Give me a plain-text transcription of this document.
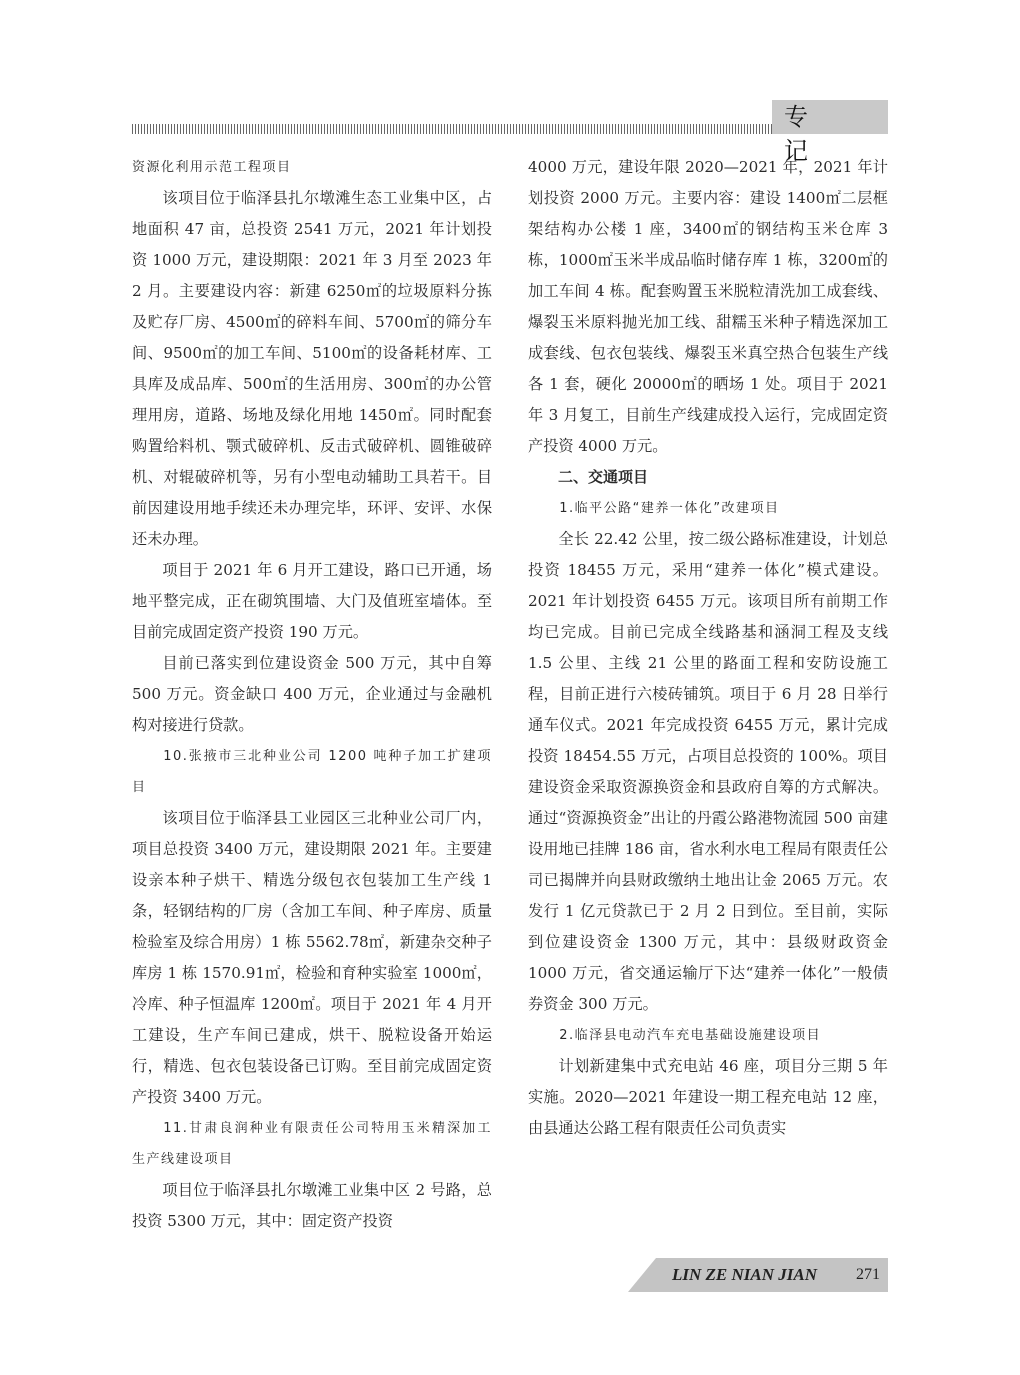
专 记

资源化利用示范工程项目

该项目位于临泽县扎尔墩滩生态工业集中区，占地面积 47 亩，总投资 2541 万元，2021 年计划投资 1000 万元，建设期限：2021 年 3 月至 2023 年 2 月。主要建设内容：新建 6250㎡的垃圾原料分拣及贮存厂房、4500㎡的碎料车间、5700㎡的筛分车间、9500㎡的加工车间、5100㎡的设备耗材库、工具库及成品库、500㎡的生活用房、300㎡的办公管理用房，道路、场地及绿化用地 1450㎡。同时配套购置给料机、颚式破碎机、反击式破碎机、圆锥破碎机、对辊破碎机等，另有小型电动辅助工具若干。目前因建设用地手续还未办理完毕，环评、安评、水保还未办理。

项目于 2021 年 6 月开工建设，路口已开通，场地平整完成，正在砌筑围墙、大门及值班室墙体。至目前完成固定资产投资 190 万元。

目前已落实到位建设资金 500 万元，其中自筹 500 万元。资金缺口 400 万元，企业通过与金融机构对接进行贷款。

10.张掖市三北种业公司 1200 吨种子加工扩建项目

该项目位于临泽县工业园区三北种业公司厂内，项目总投资 3400 万元，建设期限 2021 年。主要建设亲本种子烘干、精选分级包衣包装加工生产线 1 条，轻钢结构的厂房（含加工车间、种子库房、质量检验室及综合用房）1 栋 5562.78㎡，新建杂交种子库房 1 栋 1570.91㎡，检验和育种实验室 1000㎡，冷库、种子恒温库 1200㎡。项目于 2021 年 4 月开工建设，生产车间已建成，烘干、脱粒设备开始运行，精选、包衣包装设备已订购。至目前完成固定资产投资 3400 万元。

11.甘肃良润种业有限责任公司特用玉米精深加工生产线建设项目

项目位于临泽县扎尔墩滩工业集中区 2 号路，总投资 5300 万元，其中：固定资产投资

4000 万元，建设年限 2020—2021 年，2021 年计划投资 2000 万元。主要内容：建设 1400㎡二层框架结构办公楼 1 座，3400㎡的钢结构玉米仓库 3 栋，1000㎡玉米半成品临时储存库 1 栋，3200㎡的加工车间 4 栋。配套购置玉米脱粒清洗加工成套线、爆裂玉米原料抛光加工线、甜糯玉米种子精选深加工成套线、包衣包装线、爆裂玉米真空热合包装生产线各 1 套，硬化 20000㎡的晒场 1 处。项目于 2021 年 3 月复工，目前生产线建成投入运行，完成固定资产投资 4000 万元。

二、交通项目

1.临平公路“建养一体化”改建项目

全长 22.42 公里，按二级公路标准建设，计划总投资 18455 万元，采用“建养一体化”模式建设。2021 年计划投资 6455 万元。该项目所有前期工作均已完成。目前已完成全线路基和涵洞工程及支线 1.5 公里、主线 21 公里的路面工程和安防设施工程，目前正进行六棱砖铺筑。项目于 6 月 28 日举行通车仪式。2021 年完成投资 6455 万元，累计完成投资 18454.55 万元，占项目总投资的 100%。项目建设资金采取资源换资金和县政府自筹的方式解决。通过“资源换资金”出让的丹霞公路港物流园 500 亩建设用地已挂牌 186 亩，省水利水电工程局有限责任公司已揭牌并向县财政缴纳土地出让金 2065 万元。农发行 1 亿元贷款已于 2 月 2 日到位。至目前，实际到位建设资金 1300 万元，其中：县级财政资金 1000 万元，省交通运输厅下达“建养一体化”一般债券资金 300 万元。

2.临泽县电动汽车充电基础设施建设项目

计划新建集中式充电站 46 座，项目分三期 5 年实施。2020—2021 年建设一期工程充电站 12 座，由县通达公路工程有限责任公司负责实

LIN ZE NIAN JIAN 271
